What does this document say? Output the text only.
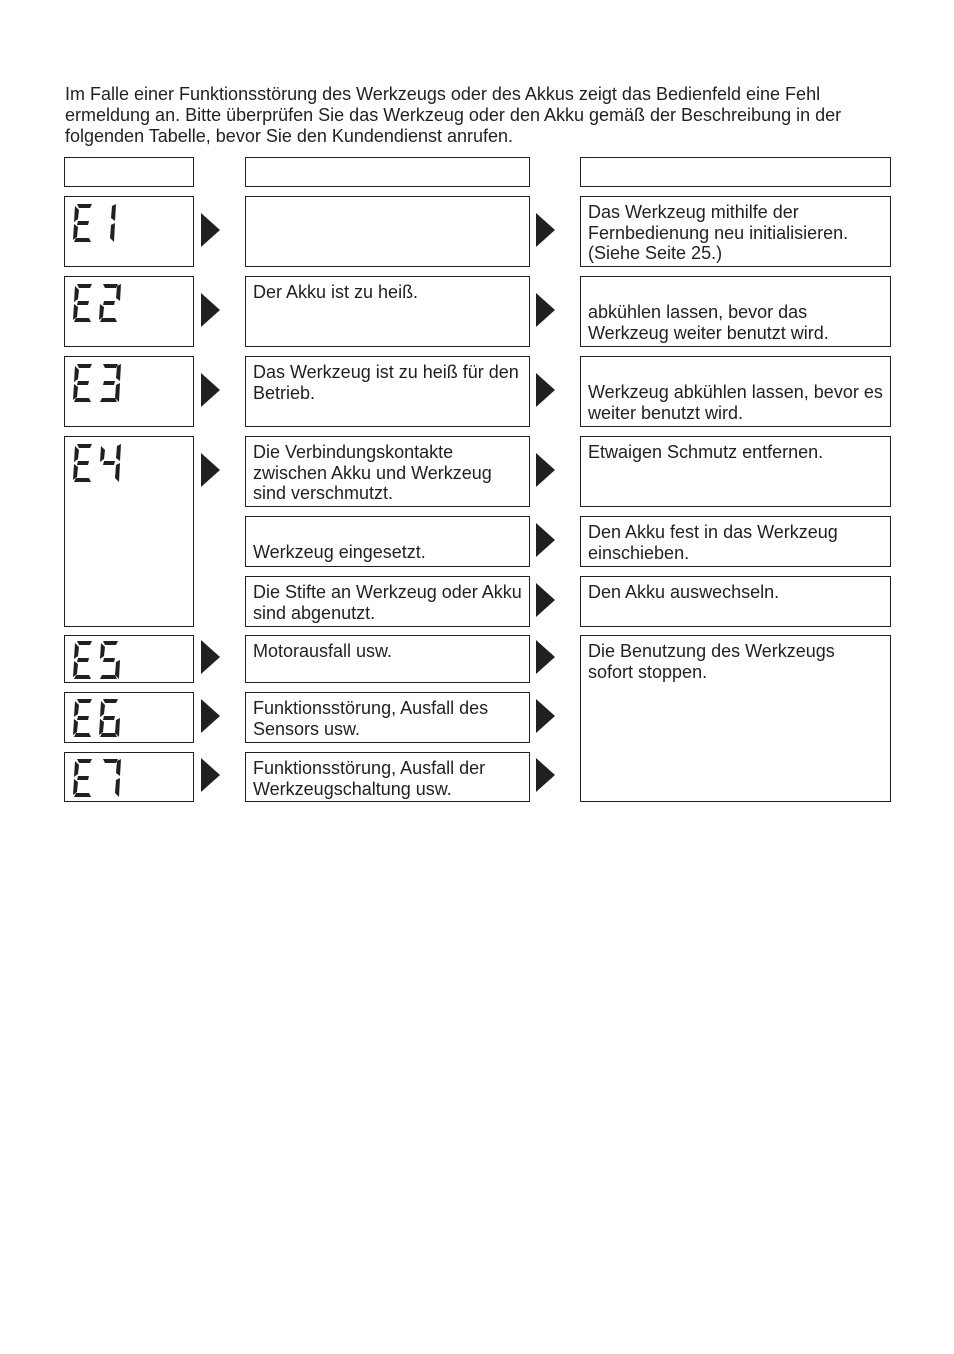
Im Falle einer Funktionsstörung des Werkzeugs oder des Akkus zeigt das Bedienfeld eine Fehl
ermeldung an. Bitte überprüfen Sie das Werkzeug oder den Akku gemäß der Beschreibung in der
folgenden Tabelle, bevor Sie den Kundendienst anrufen.

Das Werkzeug mithilfe der Fernbedienung neu initialisieren. (Siehe Seite 25.)
Der Akku ist zu heiß.
abkühlen lassen, bevor das Werkzeug weiter benutzt wird.
Das Werkzeug ist zu heiß für den Betrieb.	Werkzeug abkühlen lassen, bevor es weiter benutzt wird.
Die Verbindungskontakte zwischen Akku und Werkzeug sind verschmutzt.
Etwaigen Schmutz entfernen.
Werkzeug eingesetzt.
Den Akku fest in das Werkzeug einschieben.
Die Stifte an Werkzeug oder Akku sind abgenutzt.
Den Akku auswechseln.
Motorausfall usw.
Funktionsstörung, Ausfall des Sensors usw.
Funktionsstörung, Ausfall der Werkzeugschaltung usw.
Die Benutzung des Werkzeugs sofort stoppen.
